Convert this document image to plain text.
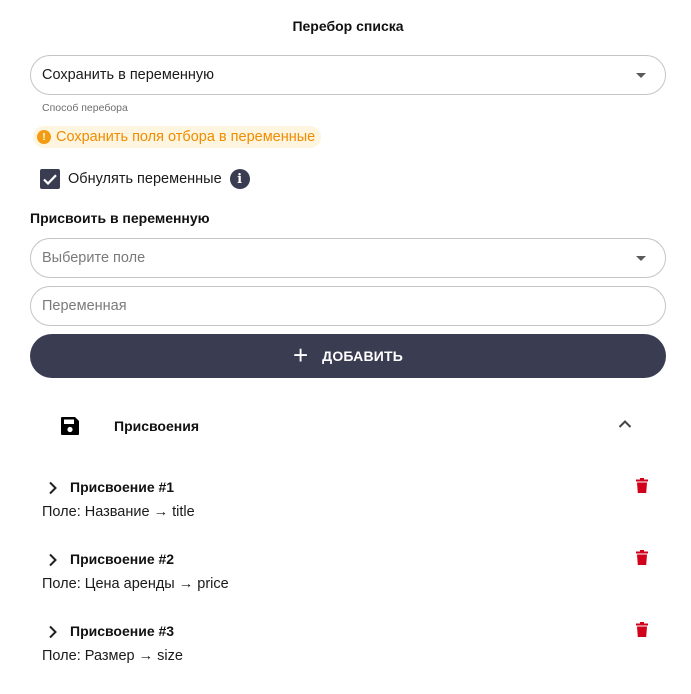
Перебор списка
Сохранить в переменную
Способ перебора
! Сохранить поля отбора в переменные
Обнулять переменные	i
Присвоить в переменную
Выберите поле
Переменная
+ ДОБАВИТЬ
Присвоения
Присвоение #1
Поле: Название → title
Присвоение #2
Поле: Цена аренды → price
Присвоение #3
Поле: Размер → size
